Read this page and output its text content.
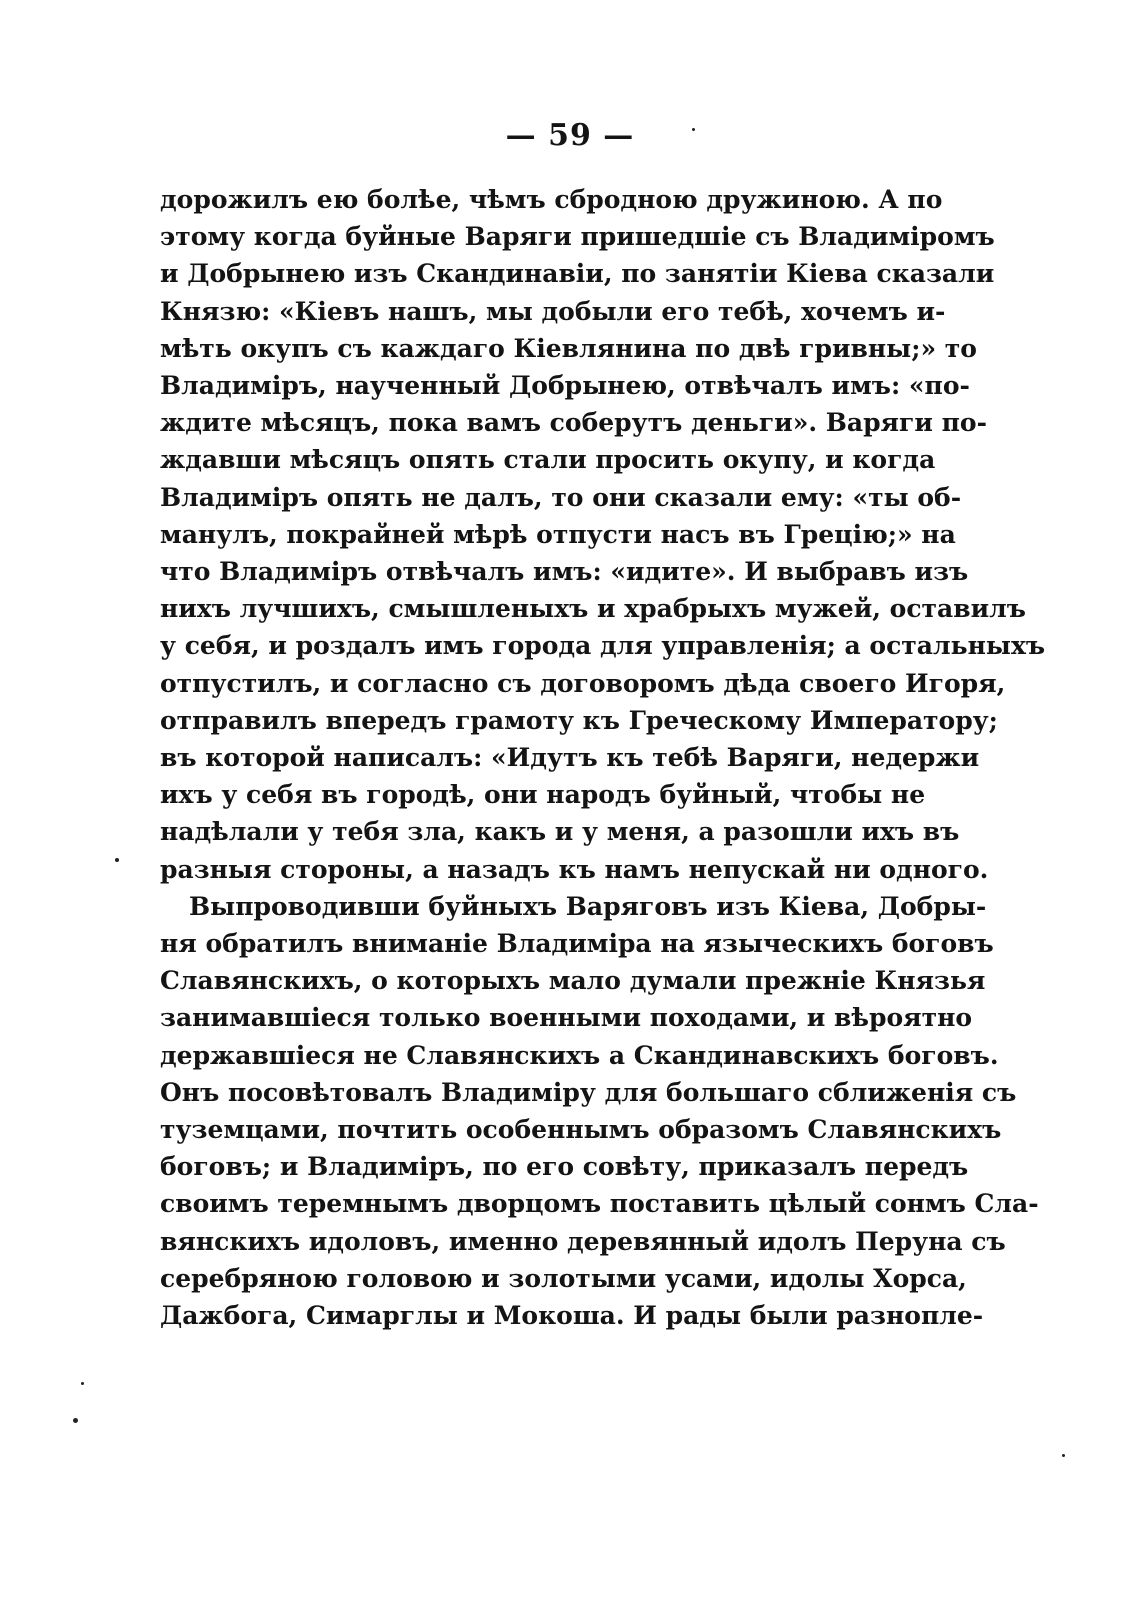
— 59 —
дорожилъ ею болѣе, чѣмъ сбродною дружиною. А по
этому когда буйные Варяги пришедшіе съ Владиміромъ
и Добрынею изъ Скандинавіи, по занятіи Кіева сказали
Князю: «Кіевъ нашъ, мы добыли его тебѣ, хочемъ и-
мѣть окупъ съ каждаго Кіевлянина по двѣ гривны;» то
Владиміръ, наученный Добрынею, отвѣчалъ имъ: «по-
ждите мѣсяцъ, пока вамъ соберутъ деньги». Варяги по-
ждавши мѣсяцъ опять стали просить окупу, и когда
Владиміръ опять не далъ, то они сказали ему: «ты об-
манулъ, покрайней мѣрѣ отпусти насъ въ Грецію;» на
что Владиміръ отвѣчалъ имъ: «идите». И выбравъ изъ
нихъ лучшихъ, смышленыхъ и храбрыхъ мужей, оставилъ
у себя, и роздалъ имъ города для управленія; а остальныхъ
отпустилъ, и согласно съ договоромъ дѣда своего Игоря,
отправилъ впередъ грамоту къ Греческому Императору;
въ которой написалъ: «Идутъ къ тебѣ Варяги, недержи
ихъ у себя въ городѣ, они народъ буйный, чтобы не
надѣлали у тебя зла, какъ и у меня, а разошли ихъ въ
разныя стороны, а назадъ къ намъ непускай ни одного.
Выпроводивши буйныхъ Варяговъ изъ Кіева, Добры-
ня обратилъ вниманіе Владиміра на языческихъ боговъ
Славянскихъ, о которыхъ мало думали прежніе Князья
занимавшіеся только военными походами, и вѣроятно
державшіеся не Славянскихъ а Скандинавскихъ боговъ.
Онъ посовѣтовалъ Владиміру для большаго сближенія съ
туземцами, почтить особеннымъ образомъ Славянскихъ
боговъ; и Владиміръ, по его совѣту, приказалъ передъ
своимъ теремнымъ дворцомъ поставить цѣлый сонмъ Сла-
вянскихъ идоловъ, именно деревянный идолъ Перуна съ
серебряною головою и золотыми усами, идолы Хорса,
Дажбога, Симарглы и Мокоша. И рады были разнопле-
